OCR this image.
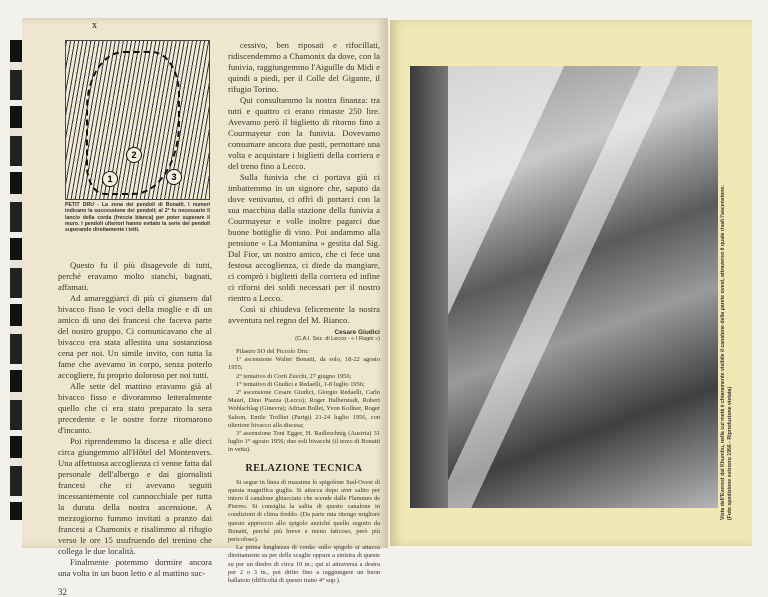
x
1
2
3
PETIT DRU - La zona dei pendoli di Bonatti. I numeri indicano la successione dei pendoli; al 2° fu necessario il lancio della corda (freccia bianca) per poter superare il muro. I pendoli ulteriori hanno evitato la serie dei pendoli superando direttamente i tetti.

Questo fu il più disagevole di tutti, perché eravamo molto stanchi, bagnati, affamati.

Ad amareggiarci di più ci giunsero dal bivacco fisso le voci della moglie e di un amico di uno dei francesi che faceva parte del nostro gruppo. Ci comunicavano che al bivacco era stata allestita una sostanziosa cena per noi. Un simile invito, con tutta la fame che avevamo in corpo, senza poterlo accogliere, fu proprio doloroso per noi tutti.

Alle sette del mattino eravamo già al bivacco fisso e divorammo letteralmente quello che ci era stato preparato la sera precedente e le nostre forze ritornarono d'incanto.

Poi riprendemmo la discesa e alle dieci circa giungemmo all'Hôtel del Montenvers. Una affettuosa accoglienza ci venne fatta dal personale dell'albergo e dai giornalisti francesi che ci avevano seguiti incessantemente col cannocchiale per tutta la durata della nostra ascensione. A mezzogiorno fummo invitati a pranzo dai francesi a Chamonix e risalimmo al rifugio verso le ore 15 usufruendo del trenino che collega le due località.

Finalmente potemmo dormire ancora una volta in un buon letto e al mattino suc-

32

cessivo, ben riposati e rifocillati, ridiscendemmo a Chamonix da dove, con la funivia, raggiungemmo l'Aiguille du Midi e quindi a piedi, per il Colle del Gigante, il rifugio Torino.

Qui consultammo la nostra finanza: tra tutti e quattro ci erano rimaste 250 lire. Avevamo però il biglietto di ritorno fino a Courmayeur con la funivia. Dovevamo consumare ancora due pasti, pernottare una volta e acquistare i biglietti della corriera e del treno fino a Lecco.

Sulla funivia che ci portava giù ci imbattemmo in un signore che, saputo da dove venivamo, ci offrì di portarci con la sua macchina dalla stazione della funivia a Courmayeur e volle inoltre pagarci due buone bottiglie di vino. Poi andammo alla pensione « La Montanina » gestita dal Sig. Dal Fior, un nostro amico, che ci fece una festosa accoglienza, ci diede da mangiare, ci comprò i biglietti della corriera ed infine ci riforni dei soldi necessari per il nostro rientro a Lecco.

Così si chiudeva felicemente la nostra avventura nel regno del M. Bianco.

Cesare Giudici
(C.A.I. Sez. di Lecco - « I Ragni »)

Pilastro SO del Piccolo Dru:

1ª ascensione Walter Bonatti, da solo, 18-22 agosto 1955;

2° tentativo di Corti Zucchi, 27 giugno 1956;

1° tentativo di Giudici e Redaelli, 1-8 luglio 1956;

2ª ascensione Cesare Giudici, Giorgio Redaelli, Carlo Mauri, Dino Piazza (Lecco); Roger Halberstadt, Robert Wohlschlag (Ginevra); Adrian Bollet, Yvon Kollner, Roger Salson, Emile Trolliet (Parigi) 21-24 luglio 1956, con ulteriore bivacco alla discesa;

3ª ascensione Toni Egger, H. Radleschnig (Austria) 31 luglio 1° agosto 1956; due soli bivacchi (il terzo di Bonatti in vetta).

RELAZIONE TECNICA

Si segue in linea di massima lo spigolone Sud-Ovest di questa magnifica guglia. Si attacca dopo aver salito per intero il canalone ghiacciato che scende dalle Flammes de Pierres. Si consiglia la salita di questo canalone in condizioni di clima freddo. (Da parte mia ritengo migliore questo approccio allo spigolo anziché quello seguito da Bonatti, perché più breve e meno faticoso, però più pericoloso).

La prima lunghezza di corda: sullo spigolo si attacca direttamente su per delle scaglie oppure a sinistra di queste su per un diedro di circa 10 m.; qui si attraversa a destra per 2 o 3 m., poi dritto fino a raggiungere un buon ballatoio (difficoltà di questo tratto 4° sup.).

Vista dell'Everest dal Khumbu, nella cui metà è chiaramente visibile il canalone della parete ovest, attraverso il quale risalì l'ascensione. (Foto spedizione svizzera 1956 - Riproduzione vietata)
